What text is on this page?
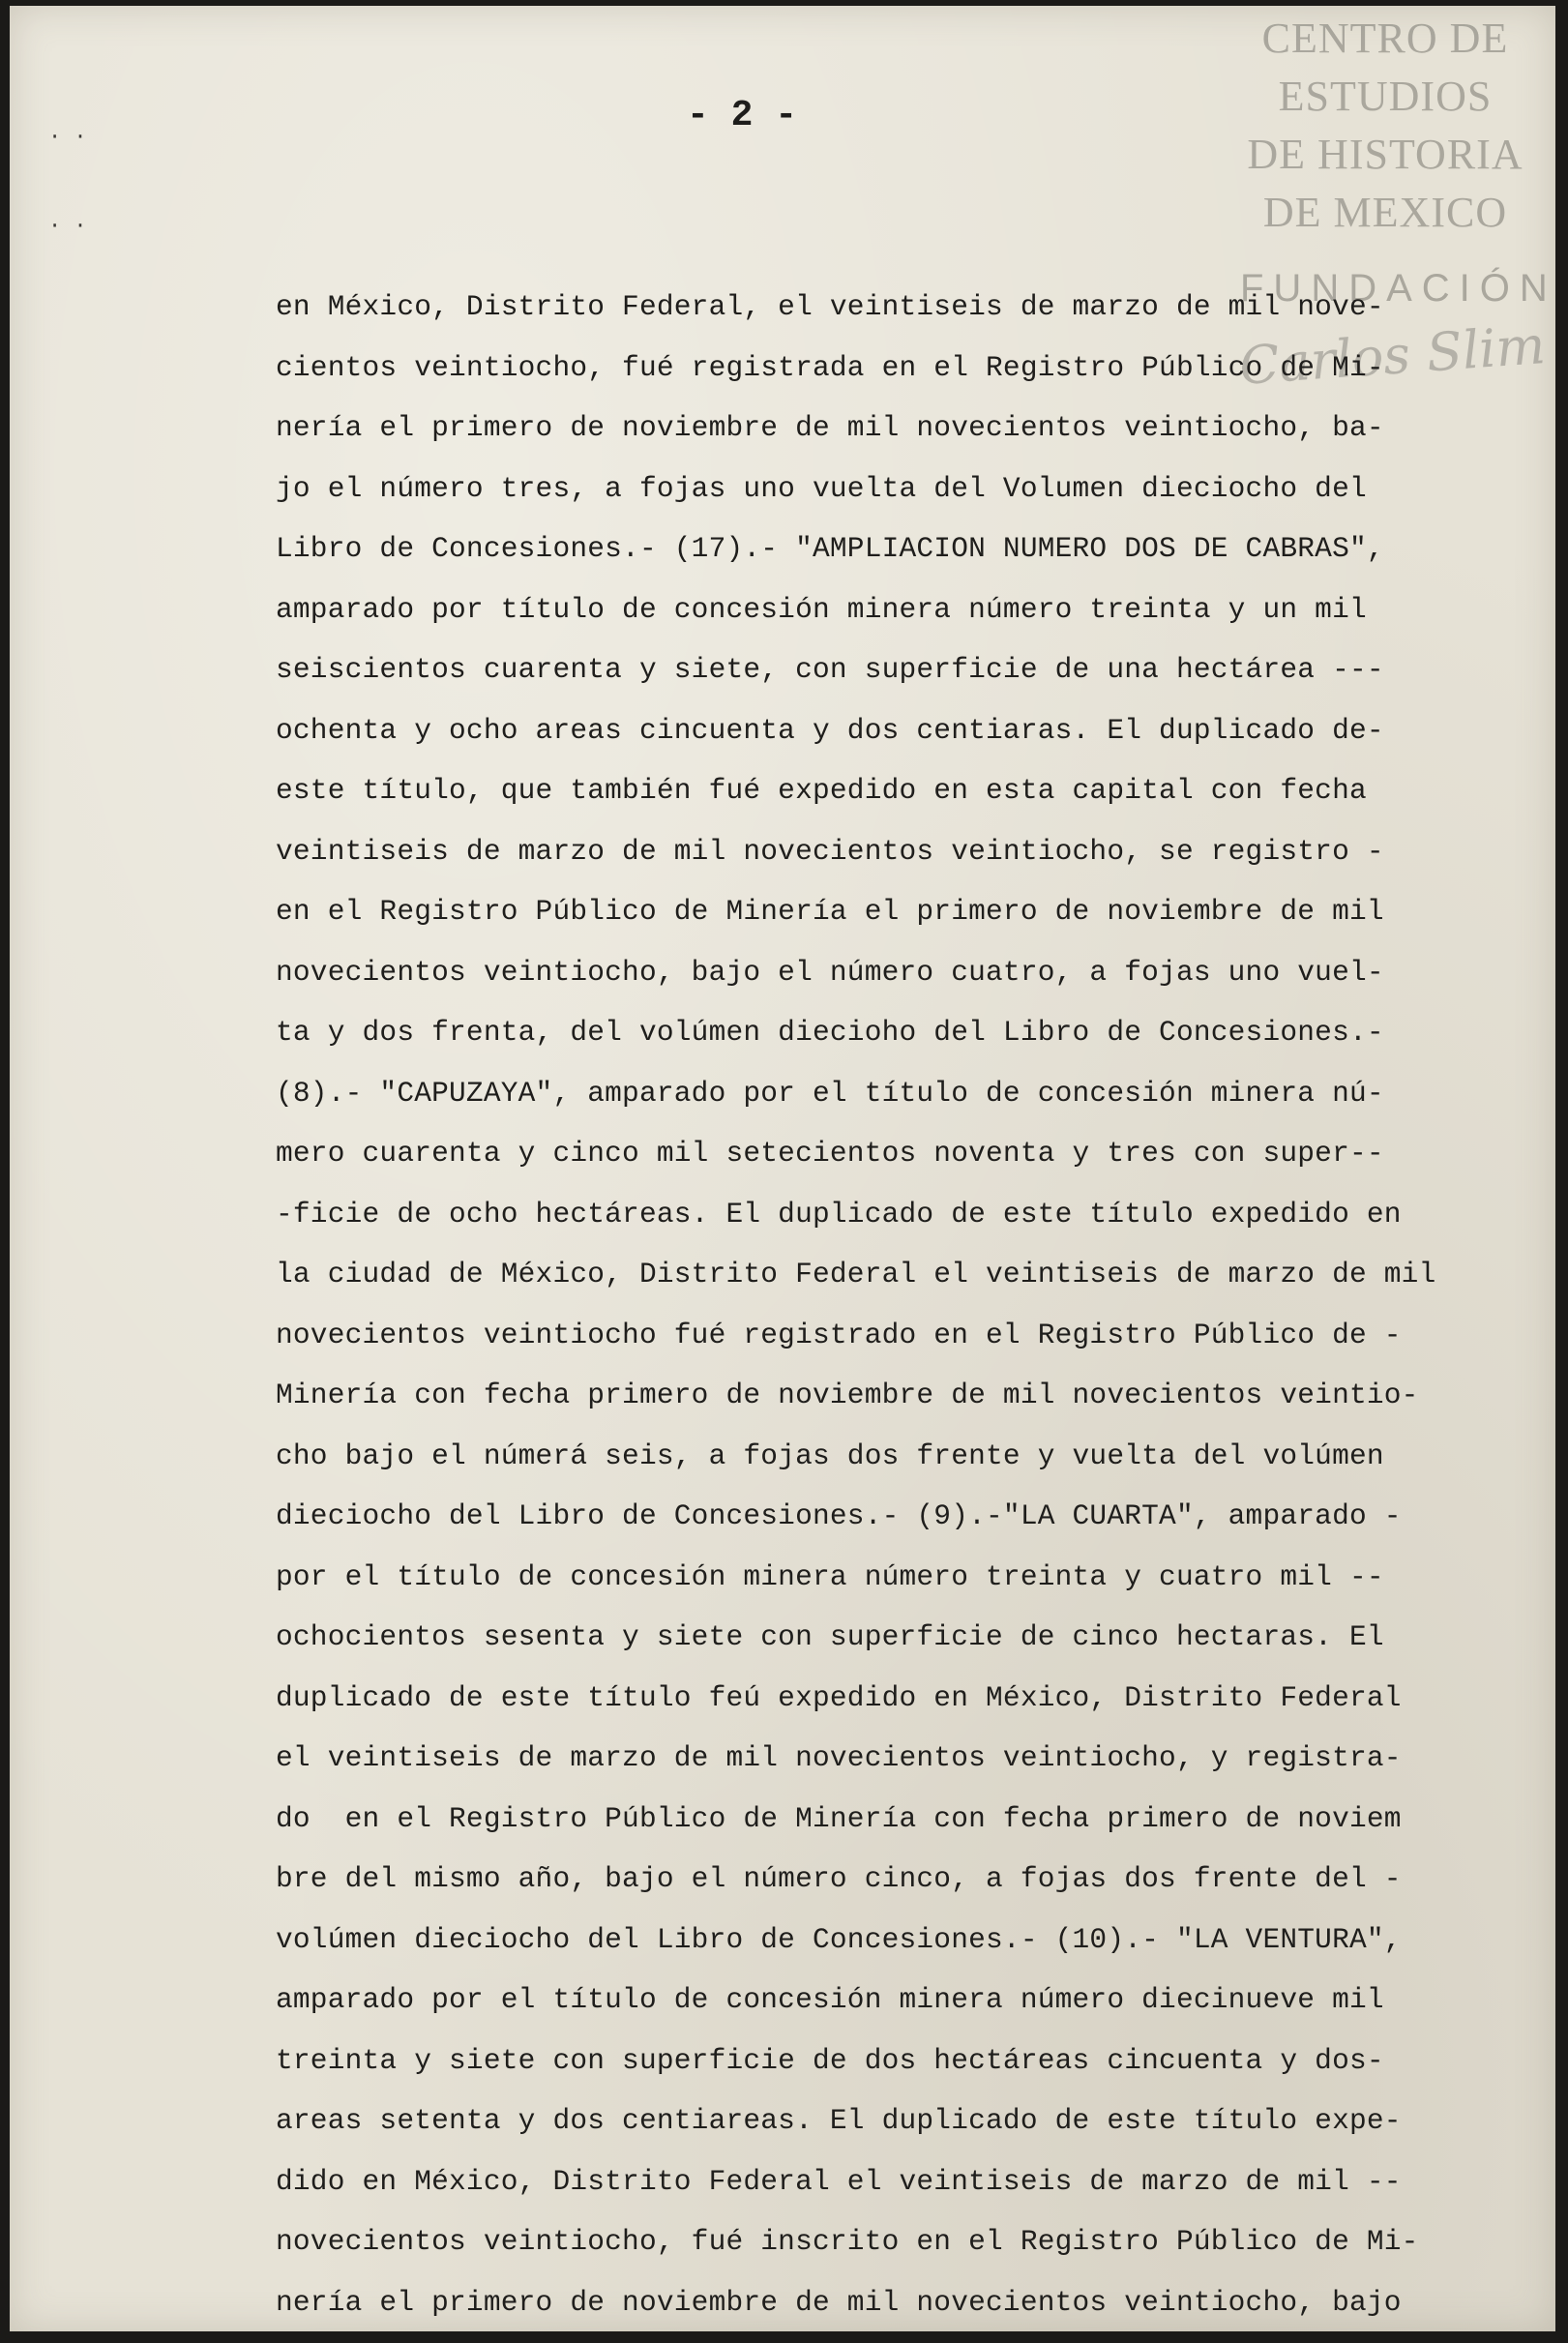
· ·
· ·
CENTRO DE
ESTUDIOS
DE HISTORIA
DE MEXICO
FUNDACIÓN
Carlos Slim
- 2 -
en México, Distrito Federal, el veintiseis de marzo de mil nove-
cientos veintiocho, fué registrada en el Registro Público de Mi-
nería el primero de noviembre de mil novecientos veintiocho, ba-
jo el número tres, a fojas uno vuelta del Volumen dieciocho del
Libro de Concesiones.- (17).- "AMPLIACION NUMERO DOS DE CABRAS",
amparado por título de concesión minera número treinta y un mil
seiscientos cuarenta y siete, con superficie de una hectárea ---
ochenta y ocho areas cincuenta y dos centiaras. El duplicado de-
este título, que también fué expedido en esta capital con fecha
veintiseis de marzo de mil novecientos veintiocho, se registro -
en el Registro Público de Minería el primero de noviembre de mil
novecientos veintiocho, bajo el número cuatro, a fojas uno vuel-
ta y dos frenta, del volúmen diecioho del Libro de Concesiones.-
(8).- "CAPUZAYA", amparado por el título de concesión minera nú-
mero cuarenta y cinco mil setecientos noventa y tres con super--
-ficie de ocho hectáreas. El duplicado de este título expedido en
la ciudad de México, Distrito Federal el veintiseis de marzo de mil
novecientos veintiocho fué registrado en el Registro Público de -
Minería con fecha primero de noviembre de mil novecientos veintio-
cho bajo el númerá seis, a fojas dos frente y vuelta del volúmen
dieciocho del Libro de Concesiones.- (9).-"LA CUARTA", amparado -
por el título de concesión minera número treinta y cuatro mil --
ochocientos sesenta y siete con superficie de cinco hectaras. El
duplicado de este título feú expedido en México, Distrito Federal
el veintiseis de marzo de mil novecientos veintiocho, y registra-
do  en el Registro Público de Minería con fecha primero de noviem
bre del mismo año, bajo el número cinco, a fojas dos frente del -
volúmen dieciocho del Libro de Concesiones.- (10).- "LA VENTURA",
amparado por el título de concesión minera número diecinueve mil
treinta y siete con superficie de dos hectáreas cincuenta y dos-
areas setenta y dos centiareas. El duplicado de este título expe-
dido en México, Distrito Federal el veintiseis de marzo de mil --
novecientos veintiocho, fué inscrito en el Registro Público de Mi-
nería el primero de noviembre de mil novecientos veintiocho, bajo
